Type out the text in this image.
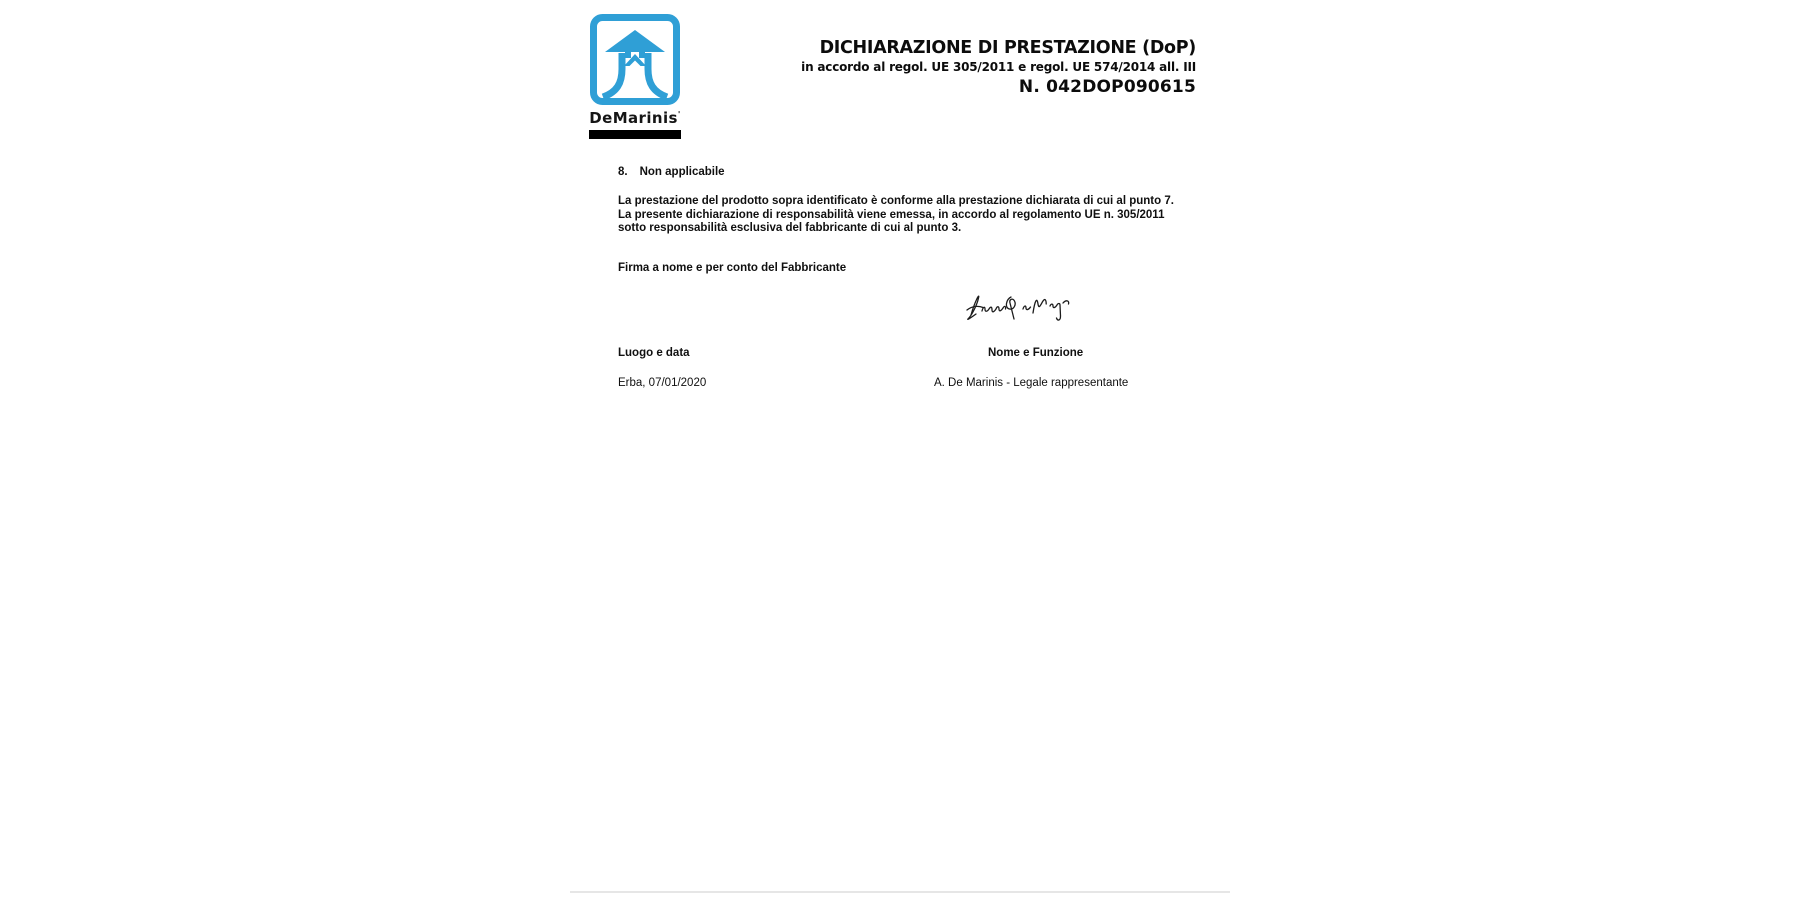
DeMarinis'
DICHIARAZIONE DI PRESTAZIONE (DoP)
in accordo al regol. UE 305/2011 e regol. UE 574/2014 all. III
N. 042DOP090615
8. Non applicabile
La prestazione del prodotto sopra identificato è conforme alla prestazione dichiarata di cui al punto 7.
La presente dichiarazione di responsabilità viene emessa, in accordo al regolamento UE n. 305/2011
sotto responsabilità esclusiva del fabbricante di cui al punto 3.
Firma a nome e per conto del Fabbricante
Luogo e data	Nome e Funzione
Erba, 07/01/2020	A. De Marinis - Legale rappresentante
